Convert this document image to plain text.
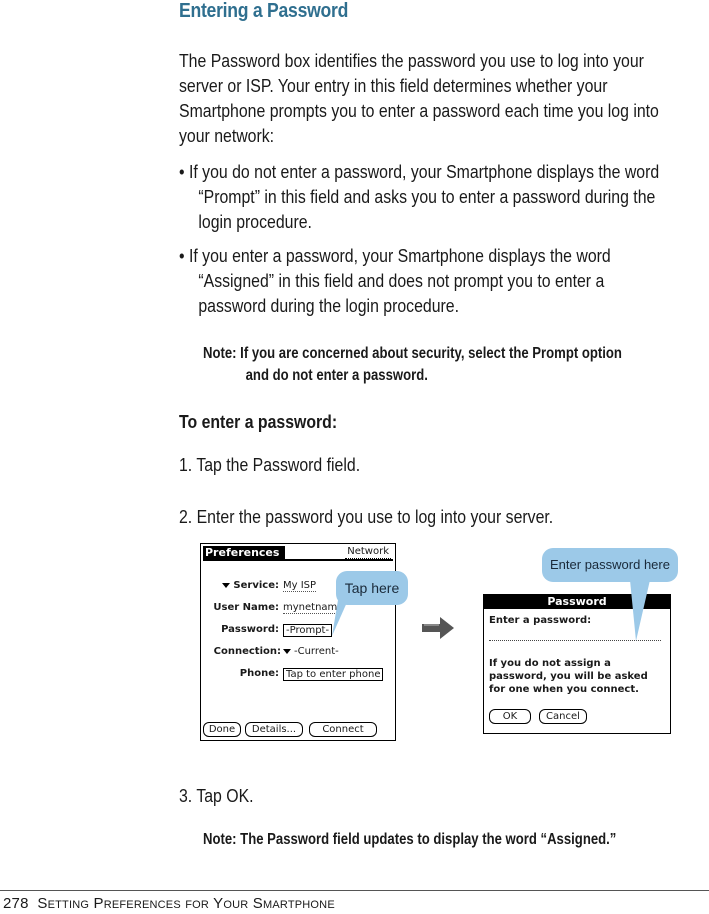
Entering a Password
The Password box identifies the password you use to log into your server or ISP. Your entry in this field determines whether your Smartphone prompts you to enter a password each time you log into your network:
• If you do not enter a password, your Smartphone displays the word “Prompt” in this field and asks you to enter a password during the login procedure.
• If you enter a password, your Smartphone displays the word “Assigned” in this field and does not prompt you to enter a password during the login procedure.
Note: If you are concerned about security, select the Prompt option and do not enter a password.
To enter a password:
1. Tap the Password field.
2. Enter the password you use to log into your server.
Preferences	Network
Service: My ISP
User Name: mynetnam
Password: -Prompt-
Connection:	-Current-
Phone: Tap to enter phone
Done	Details...	Connect
Tap here
Password
Enter a password:
If you do not assign a password, you will be asked for one when you connect.
OK	Cancel
Enter password here
3. Tap OK.
Note: The Password field updates to display the word “Assigned.”
278 Setting Preferences for Your Smartphone
